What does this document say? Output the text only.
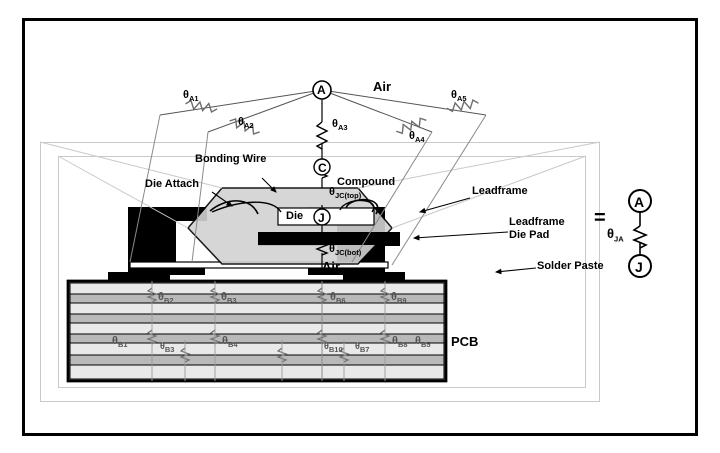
Air
Air
Bonding Wire
Die Attach	Compound
Leadframe
Leadframe
Die Pad
Solder Paste
Die
PCB
=
A
C
J
A
J
$\theta_{A1}$
$\theta_{A2}$	$\theta_{A3}$
$\theta_{A4}$
$\theta_{A5}$
$\theta_{JC(top)}$
$\theta_{JC(bot)}$
$\theta_{B2}$	$\theta_{B6}$	$\theta_{B9}$
$\theta_{B3}$
$\theta_{B1}$	$\theta_{B4}$	$\theta_{B8}$ $\theta_{B5}$
$\theta_{B3}$	$\theta_{B10}$ $\theta_{B7}$
$\theta_{JA}$
